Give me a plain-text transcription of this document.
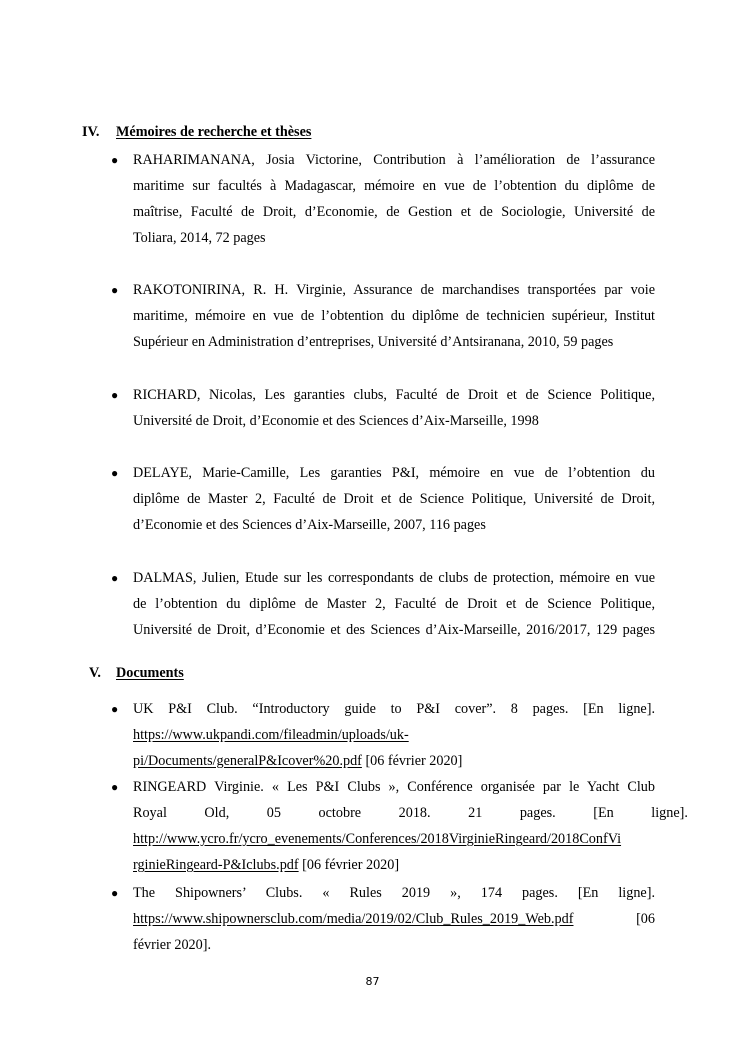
IV. Mémoires de recherche et thèses
● RAHARIMANANA, Josia Victorine, Contribution à l’amélioration de l’assurance
maritime sur facultés à Madagascar, mémoire en vue de l’obtention du diplôme de
maîtrise, Faculté de Droit, d’Economie, de Gestion et de Sociologie, Université de
Toliara, 2014, 72 pages
● RAKOTONIRINA, R. H. Virginie, Assurance de marchandises transportées par voie
maritime, mémoire en vue de l’obtention du diplôme de technicien supérieur, Institut
Supérieur en Administration d’entreprises, Université d’Antsiranana, 2010, 59 pages
● RICHARD, Nicolas, Les garanties clubs, Faculté de Droit et de Science Politique,
Université de Droit, d’Economie et des Sciences d’Aix-Marseille, 1998
● DELAYE, Marie-Camille, Les garanties P&I, mémoire en vue de l’obtention du
diplôme de Master 2, Faculté de Droit et de Science Politique, Université de Droit,
d’Economie et des Sciences d’Aix-Marseille, 2007, 116 pages
● DALMAS, Julien, Etude sur les correspondants de clubs de protection, mémoire en vue
de l’obtention du diplôme de Master 2, Faculté de Droit et de Science Politique,
Université de Droit, d’Economie et des Sciences d’Aix-Marseille, 2016/2017, 129 pages
V. Documents
● UK P&I Club. “Introductory guide to P&I cover”. 8 pages. [En ligne].
https://www.ukpandi.com/fileadmin/uploads/uk-
pi/Documents/generalP&Icover%20.pdf [06 février 2020]
● RINGEARD Virginie. « Les P&I Clubs », Conférence organisée par le Yacht Club
Royal Old, 05 octobre 2018. 21 pages. [En ligne].
http://www.ycro.fr/ycro_evenements/Conferences/2018VirginieRingeard/2018ConfVi
rginieRingeard-P&Iclubs.pdf [06 février 2020]
● The Shipowners’ Clubs. « Rules 2019 », 174 pages. [En ligne].
https://www.shipownersclub.com/media/2019/02/Club_Rules_2019_Web.pdf	[06
février 2020].
87
